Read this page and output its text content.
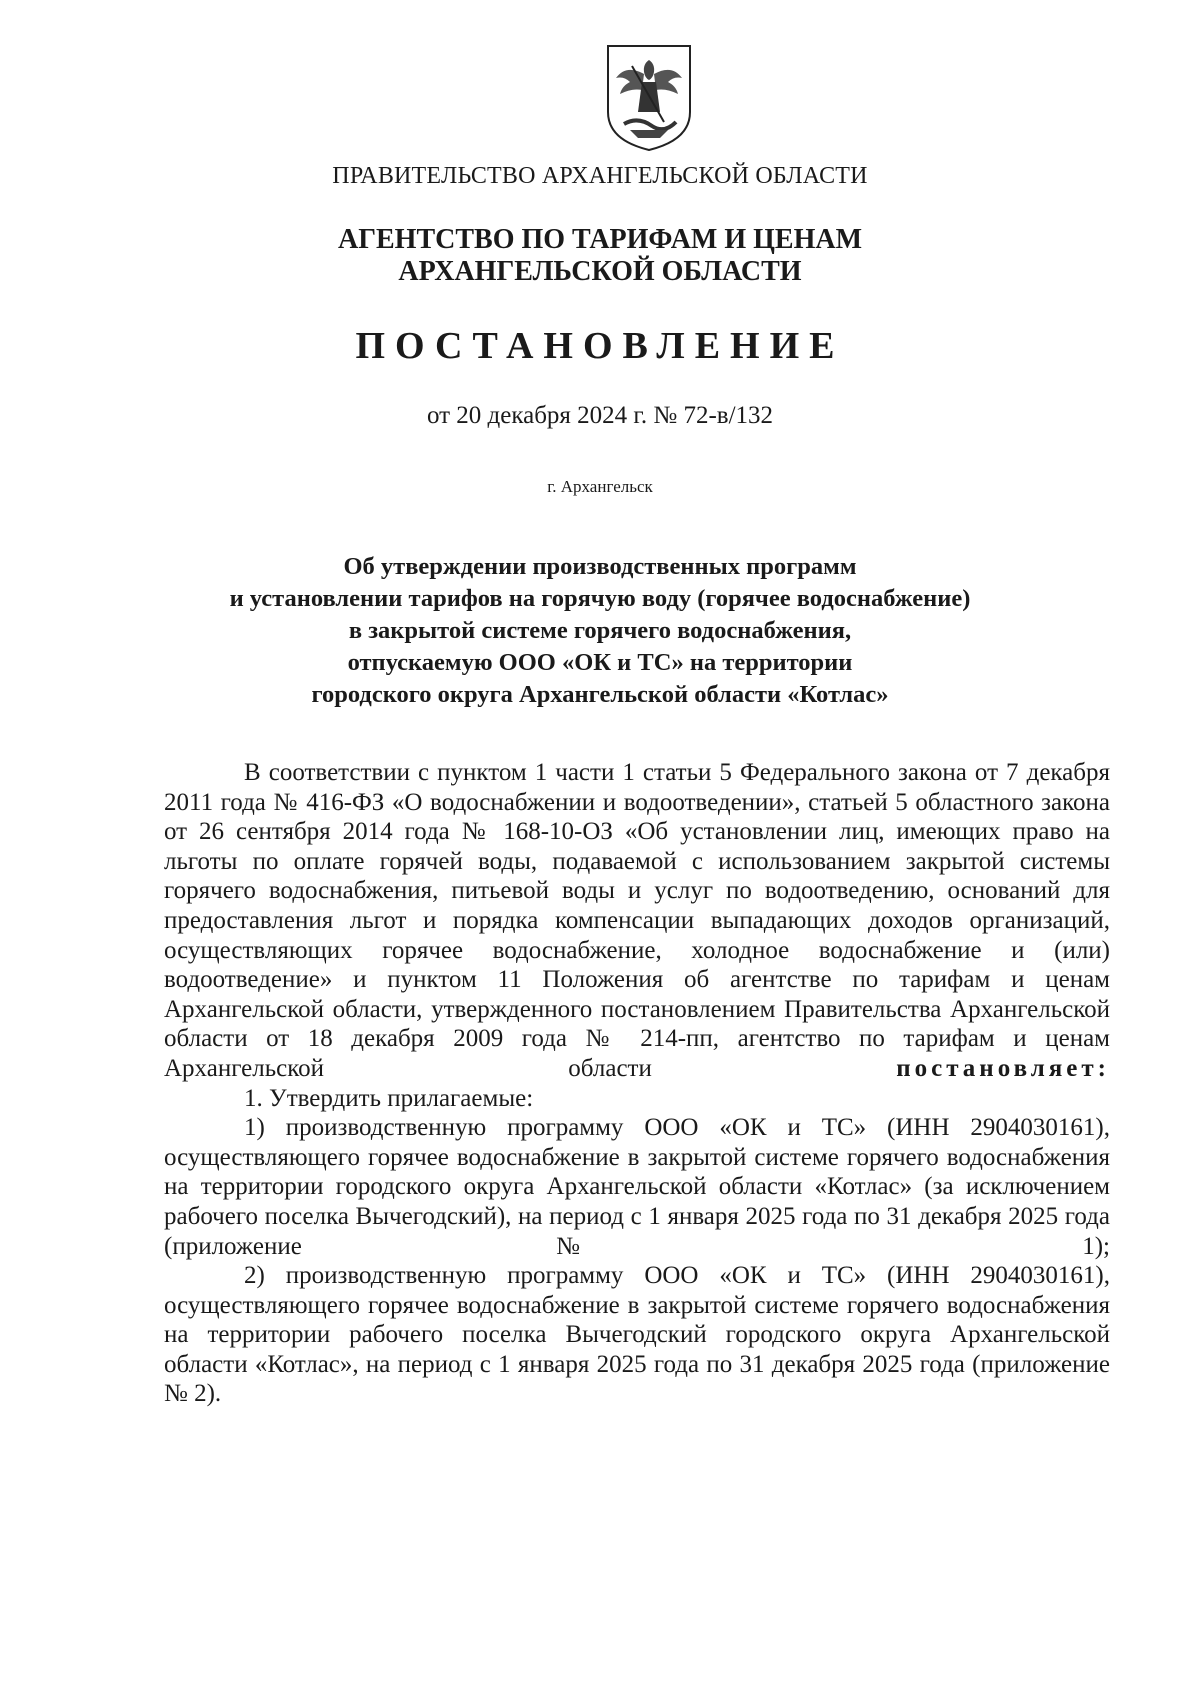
ПРАВИТЕЛЬСТВО АРХАНГЕЛЬСКОЙ ОБЛАСТИ
АГЕНТСТВО ПО ТАРИФАМ И ЦЕНАМ
АРХАНГЕЛЬСКОЙ ОБЛАСТИ
ПОСТАНОВЛЕНИЕ
от 20 декабря 2024 г. № 72-в/132
г. Архангельск
Об утверждении производственных программ
и установлении тарифов на горячую воду (горячее водоснабжение)
в закрытой системе горячего водоснабжения,
отпускаемую ООО «ОК и ТС» на территории
городского округа Архангельской области «Котлас»

В соответствии с пунктом 1 части 1 статьи 5 Федерального закона от 7 декабря 2011 года № 416-ФЗ «О водоснабжении и водоотведении», статьей 5 областного закона от 26 сентября 2014 года № 168-10-ОЗ «Об установлении лиц, имеющих право на льготы по оплате горячей воды, подаваемой с использованием закрытой системы горячего водоснабжения, питьевой воды и услуг по водоотведению, оснований для предоставления льгот и порядка компенсации выпадающих доходов организаций, осуществляющих горячее водоснабжение, холодное водоснабжение и (или) водоотведение» и пунктом 11 Положения об агентстве по тарифам и ценам Архангельской области, утвержденного постановлением Правительства Архангельской области от 18 декабря 2009 года № 214-пп, агентство по тарифам и ценам Архангельской области	постановляет:

1. Утвердить прилагаемые:

1) производственную программу ООО «ОК и ТС» (ИНН 2904030161), осуществляющего горячее водоснабжение в закрытой системе горячего водоснабжения на территории городского округа Архангельской области «Котлас» (за исключением рабочего поселка Вычегодский), на период с 1 января 2025 года по 31 декабря 2025 года (приложение № 1);

2) производственную программу ООО «ОК и ТС» (ИНН 2904030161), осуществляющего горячее водоснабжение в закрытой системе горячего водоснабжения на территории рабочего поселка Вычегодский городского округа Архангельской области «Котлас», на период с 1 января 2025 года по 31 декабря 2025 года (приложение № 2).
